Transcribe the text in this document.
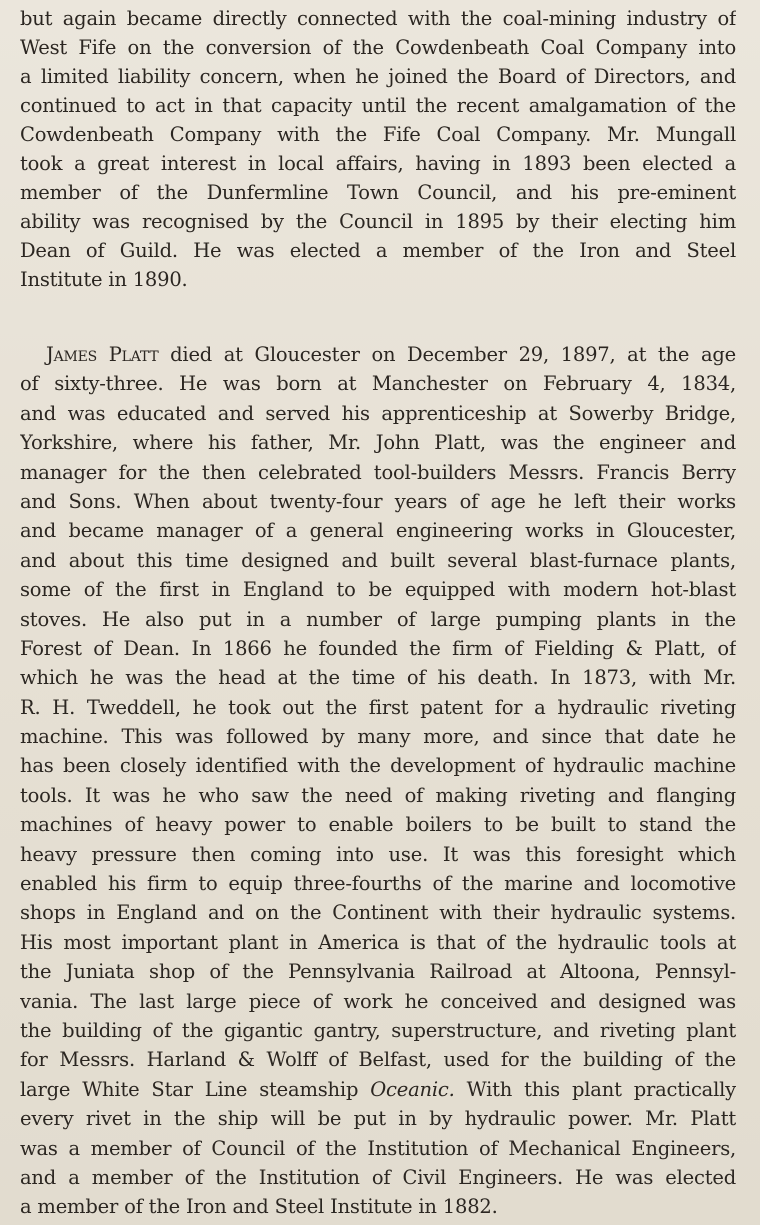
but again became directly connected with the coal-mining industry of
West Fife on the conversion of the Cowdenbeath Coal Company into
a limited liability concern, when he joined the Board of Directors, and
continued to act in that capacity until the recent amalgamation of the
Cowdenbeath Company with the Fife Coal Company. Mr. Mungall
took a great interest in local affairs, having in 1893 been elected a
member of the Dunfermline Town Council, and his pre-eminent
ability was recognised by the Council in 1895 by their electing him
Dean of Guild. He was elected a member of the Iron and Steel
Institute in 1890.
James Platt died at Gloucester on December 29, 1897, at the age
of sixty-three. He was born at Manchester on February 4, 1834,
and was educated and served his apprenticeship at Sowerby Bridge,
Yorkshire, where his father, Mr. John Platt, was the engineer and
manager for the then celebrated tool-builders Messrs. Francis Berry
and Sons. When about twenty-four years of age he left their works
and became manager of a general engineering works in Gloucester,
and about this time designed and built several blast-furnace plants,
some of the first in England to be equipped with modern hot-blast
stoves. He also put in a number of large pumping plants in the
Forest of Dean. In 1866 he founded the firm of Fielding & Platt, of
which he was the head at the time of his death. In 1873, with Mr.
R. H. Tweddell, he took out the first patent for a hydraulic riveting
machine. This was followed by many more, and since that date he
has been closely identified with the development of hydraulic machine
tools. It was he who saw the need of making riveting and flanging
machines of heavy power to enable boilers to be built to stand the
heavy pressure then coming into use. It was this foresight which
enabled his firm to equip three-fourths of the marine and locomotive
shops in England and on the Continent with their hydraulic systems.
His most important plant in America is that of the hydraulic tools at
the Juniata shop of the Pennsylvania Railroad at Altoona, Pennsyl-
vania. The last large piece of work he conceived and designed was
the building of the gigantic gantry, superstructure, and riveting plant
for Messrs. Harland & Wolff of Belfast, used for the building of the
large White Star Line steamship Oceanic. With this plant practically
every rivet in the ship will be put in by hydraulic power. Mr. Platt
was a member of Council of the Institution of Mechanical Engineers,
and a member of the Institution of Civil Engineers. He was elected
a member of the Iron and Steel Institute in 1882.
